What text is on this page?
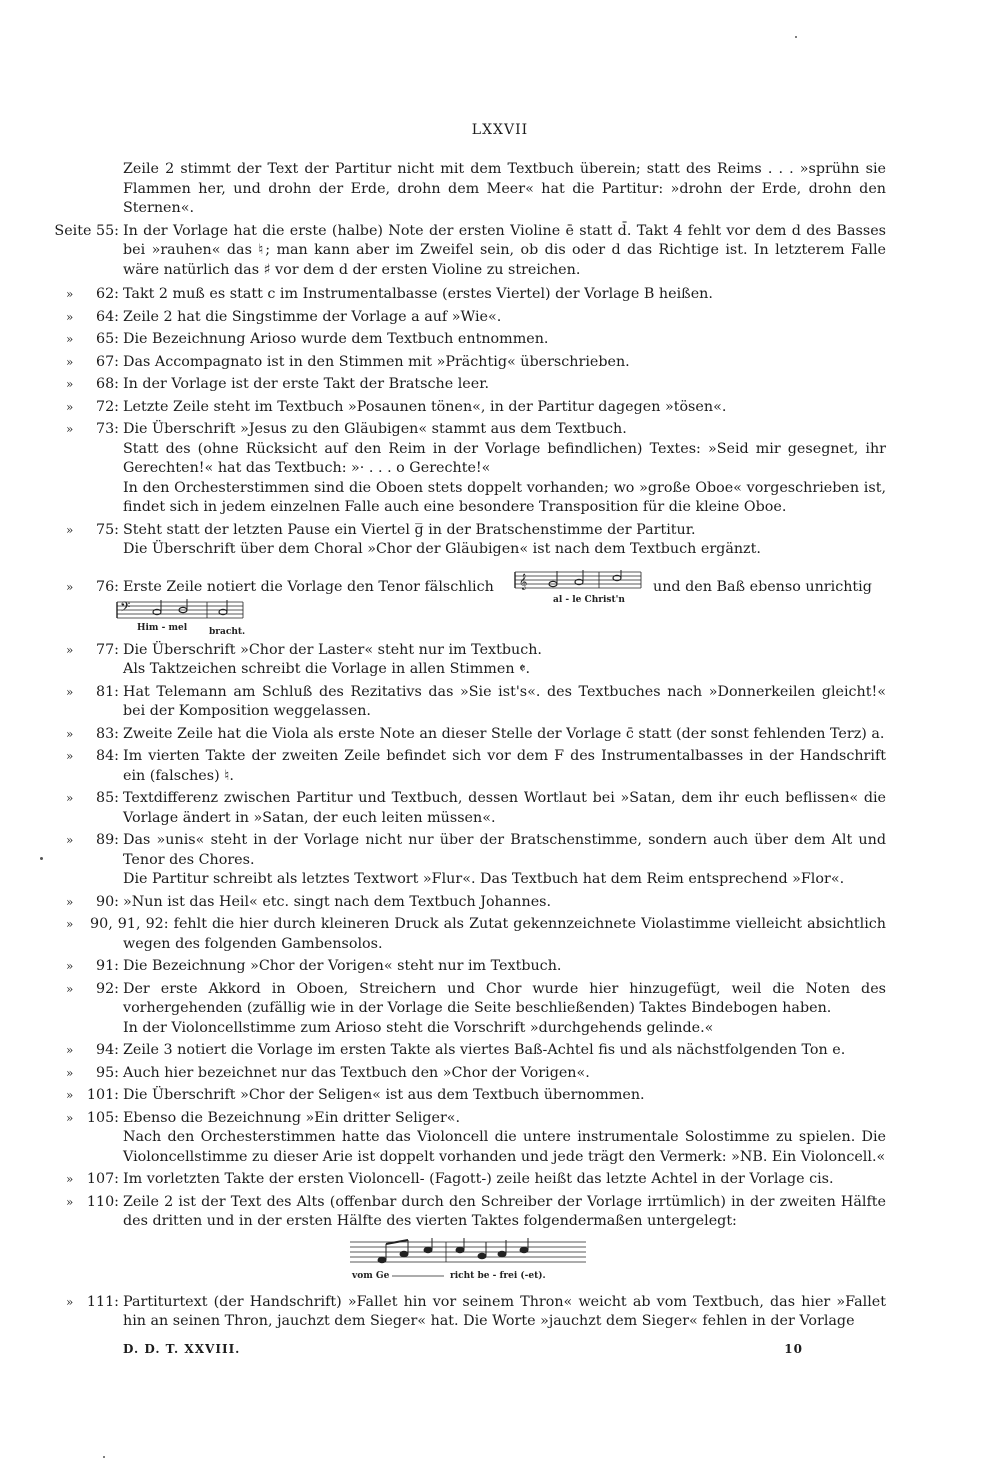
LXXVII

Zeile 2 stimmt der Text der Partitur nicht mit dem Textbuch überein; statt des Reims . . . »sprühn sie Flammen her, und drohn der Erde, drohn dem Meer« hat die Partitur: »drohn der Erde, drohn den Sternen«.

Seite 55: In der Vorlage hat die erste (halbe) Note der ersten Violine ē statt d̄. Takt 4 fehlt vor dem d des Basses bei »rauhen« das ♮; man kann aber im Zweifel sein, ob dis oder d das Richtige ist. In letzterem Falle wäre natürlich das ♯ vor dem d der ersten Violine zu streichen.

»	62: Takt 2 muß es statt c im Instrumentalbasse (erstes Viertel) der Vorlage B heißen.

»	64: Zeile 2 hat die Singstimme der Vorlage a auf »Wie«.

»	65: Die Bezeichnung Arioso wurde dem Textbuch entnommen.

»	67: Das Accompagnato ist in den Stimmen mit »Prächtig« überschrieben.

»	68: In der Vorlage ist der erste Takt der Bratsche leer.

»	72: Letzte Zeile steht im Textbuch »Posaunen tönen«, in der Partitur dagegen »tösen«.

»	73: Die Überschrift »Jesus zu den Gläubigen« stammt aus dem Textbuch.

Statt des (ohne Rücksicht auf den Reim in der Vorlage befindlichen) Textes: »Seid mir gesegnet, ihr Gerechten!« hat das Textbuch: »· . . . o Gerechte!«

In den Orchesterstimmen sind die Oboen stets doppelt vorhanden; wo »große Oboe« vorgeschrieben ist, findet sich in jedem einzelnen Falle auch eine besondere Transposition für die kleine Oboe.

»	75: Steht statt der letzten Pause ein Viertel g̅ in der Bratschenstimme der Partitur.

Die Überschrift über dem Choral »Chor der Gläubigen« ist nach dem Textbuch ergänzt.

»	76: Erste Zeile notiert die Vorlage den Tenor fälschlich 𝄞
al - le Christ'n
und den Baß ebenso unrichtig
𝄢
Him - mel bracht.
»	77: Die Überschrift »Chor der Laster« steht nur im Textbuch.

Als Taktzeichen schreibt die Vorlage in allen Stimmen 𝄵.

»	81: Hat Telemann am Schluß des Rezitativs das »Sie ist's«. des Textbuches nach »Donnerkeilen gleicht!« bei der Komposition weggelassen.

»	83: Zweite Zeile hat die Viola als erste Note an dieser Stelle der Vorlage c̄ statt (der sonst fehlenden Terz) a.

»	84: Im vierten Takte der zweiten Zeile befindet sich vor dem F des Instrumentalbasses in der Handschrift ein (falsches) ♮.

»	85: Textdifferenz zwischen Partitur und Textbuch, dessen Wortlaut bei »Satan, dem ihr euch beflissen« die Vorlage ändert in »Satan, der euch leiten müssen«.

»	89: Das »unis« steht in der Vorlage nicht nur über der Bratschenstimme, sondern auch über dem Alt und Tenor des Chores.

Die Partitur schreibt als letztes Textwort »Flur«. Das Textbuch hat dem Reim entsprechend »Flor«.

»	90: »Nun ist das Heil« etc. singt nach dem Textbuch Johannes.

»	90, 91, 92: fehlt die hier durch kleineren Druck als Zutat gekennzeichnete Violastimme vielleicht absichtlich wegen des folgenden Gambensolos.

»	91: Die Bezeichnung »Chor der Vorigen« steht nur im Textbuch.

»	92: Der erste Akkord in Oboen, Streichern und Chor wurde hier hinzugefügt, weil die Noten des vorhergehenden (zufällig wie in der Vorlage die Seite beschließenden) Taktes Bindebogen haben.

In der Violoncellstimme zum Arioso steht die Vorschrift »durchgehends gelinde.«

»	94: Zeile 3 notiert die Vorlage im ersten Takte als viertes Baß-Achtel fis und als nächstfolgenden Ton e.

»	95: Auch hier bezeichnet nur das Textbuch den »Chor der Vorigen«.

» 101: Die Überschrift »Chor der Seligen« ist aus dem Textbuch übernommen.

» 105: Ebenso die Bezeichnung »Ein dritter Seliger«.

Nach den Orchesterstimmen hatte das Violoncell die untere instrumentale Solostimme zu spielen. Die Violoncellstimme zu dieser Arie ist doppelt vorhanden und jede trägt den Vermerk: »NB. Ein Violoncell.«

» 107: Im vorletzten Takte der ersten Violoncell- (Fagott-) zeile heißt das letzte Achtel in der Vorlage cis.

» 110: Zeile 2 ist der Text des Alts (offenbar durch den Schreiber der Vorlage irrtümlich) in der zweiten Hälfte des dritten und in der ersten Hälfte des vierten Taktes folgendermaßen untergelegt:

vom Ge	richt be - frei (-et).
» 111: Partiturtext (der Handschrift) »Fallet hin vor seinem Thron« weicht ab vom Textbuch, das hier »Fallet hin an seinen Thron, jauchzt dem Sieger« hat. Die Worte »jauchzt dem Sieger« fehlen in der Vorlage

D. D. T. XXVIII.	10
